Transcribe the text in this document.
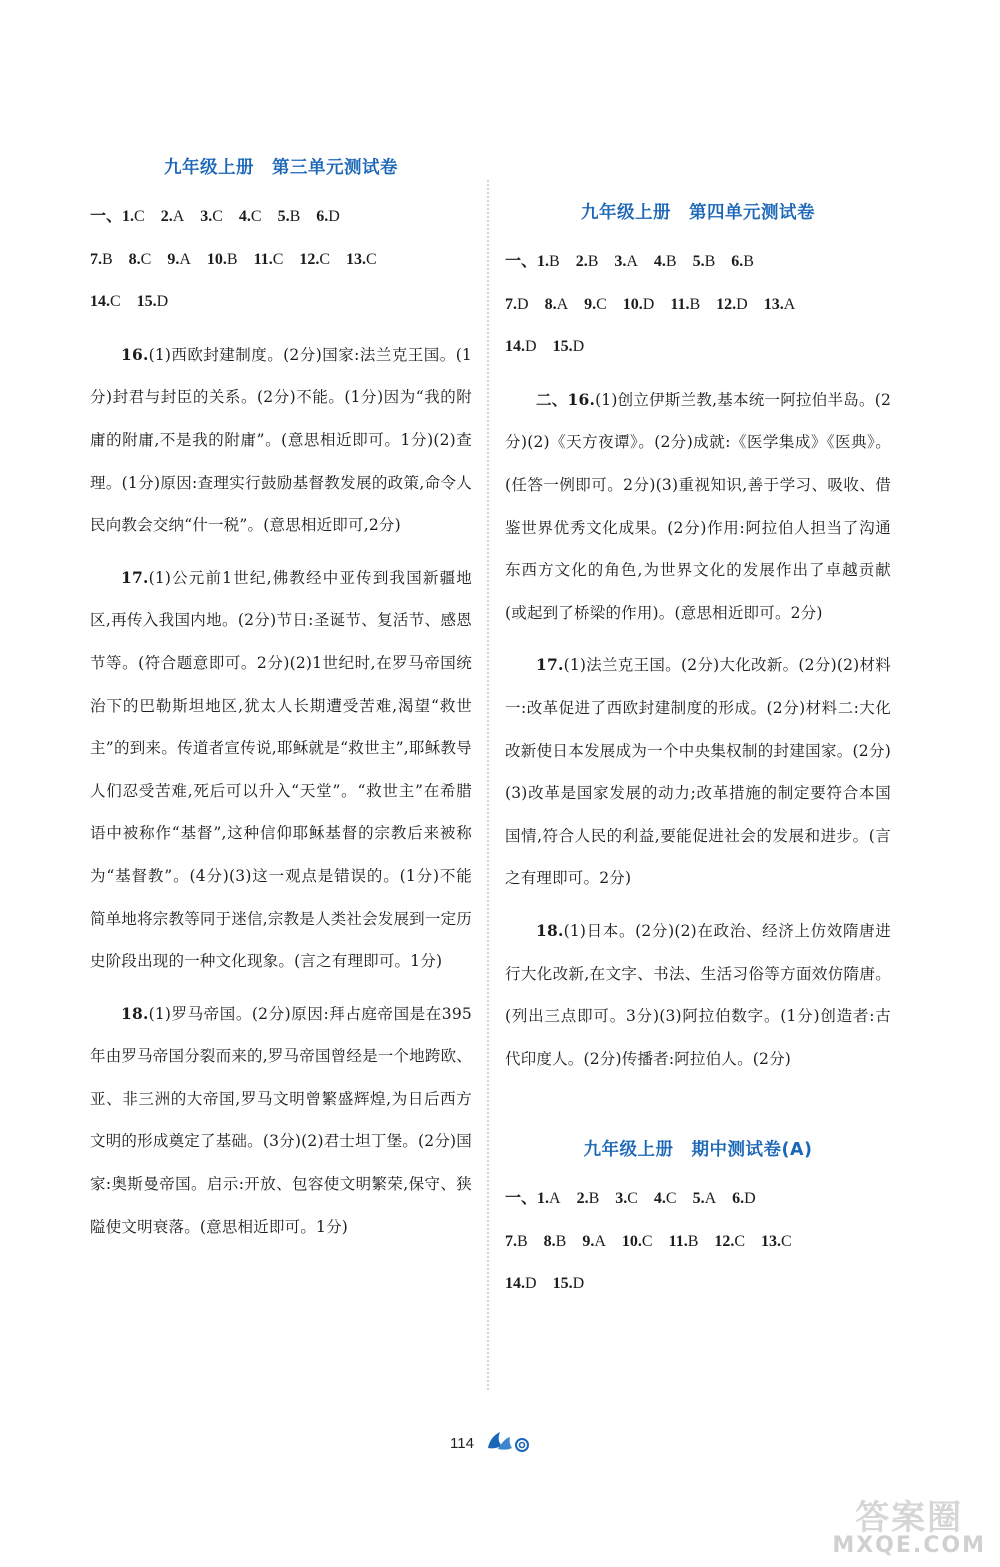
九年级上册　第三单元测试卷
一、1.C 2.A 3.C 4.C 5.B 6.D
7.B 8.C 9.A 10.B 11.C 12.C 13.C
14.C 15.D
16.(1)西欧封建制度。(2分)国家:法兰克王国。(1分)封君与封臣的关系。(2分)不能。(1分)因为“我的附庸的附庸,不是我的附庸”。(意思相近即可。1分)(2)查理。(1分)原因:查理实行鼓励基督教发展的政策,命令人民向教会交纳“什一税”。(意思相近即可,2分)
17.(1)公元前1世纪,佛教经中亚传到我国新疆地区,再传入我国内地。(2分)节日:圣诞节、复活节、感恩节等。(符合题意即可。2分)(2)1世纪时,在罗马帝国统治下的巴勒斯坦地区,犹太人长期遭受苦难,渴望“救世主”的到来。传道者宣传说,耶稣就是“救世主”,耶稣教导人们忍受苦难,死后可以升入“天堂”。“救世主”在希腊语中被称作“基督”,这种信仰耶稣基督的宗教后来被称为“基督教”。(4分)(3)这一观点是错误的。(1分)不能简单地将宗教等同于迷信,宗教是人类社会发展到一定历史阶段出现的一种文化现象。(言之有理即可。1分)
18.(1)罗马帝国。(2分)原因:拜占庭帝国是在395年由罗马帝国分裂而来的,罗马帝国曾经是一个地跨欧、亚、非三洲的大帝国,罗马文明曾繁盛辉煌,为日后西方文明的形成奠定了基础。(3分)(2)君士坦丁堡。(2分)国家:奥斯曼帝国。启示:开放、包容使文明繁荣,保守、狭隘使文明衰落。(意思相近即可。1分)
九年级上册　第四单元测试卷
一、1.B 2.B 3.A 4.B 5.B 6.B
7.D 8.A 9.C 10.D 11.B 12.D 13.A
14.D 15.D
二、16.(1)创立伊斯兰教,基本统一阿拉伯半岛。(2分)(2)《天方夜谭》。(2分)成就:《医学集成》《医典》。(任答一例即可。2分)(3)重视知识,善于学习、吸收、借鉴世界优秀文化成果。(2分)作用:阿拉伯人担当了沟通东西方文化的角色,为世界文化的发展作出了卓越贡献(或起到了桥梁的作用)。(意思相近即可。2分)
17.(1)法兰克王国。(2分)大化改新。(2分)(2)材料一:改革促进了西欧封建制度的形成。(2分)材料二:大化改新使日本发展成为一个中央集权制的封建国家。(2分)(3)改革是国家发展的动力;改革措施的制定要符合本国国情,符合人民的利益,要能促进社会的发展和进步。(言之有理即可。2分)
18.(1)日本。(2分)(2)在政治、经济上仿效隋唐进行大化改新,在文字、书法、生活习俗等方面效仿隋唐。(列出三点即可。3分)(3)阿拉伯数字。(1分)创造者:古代印度人。(2分)传播者:阿拉伯人。(2分)
九年级上册　期中测试卷(A)
一、1.A 2.B 3.C 4.C 5.A 6.D
7.B 8.B 9.A 10.C 11.B 12.C 13.C
14.D 15.D
114
答案圈
MXQE.COM
